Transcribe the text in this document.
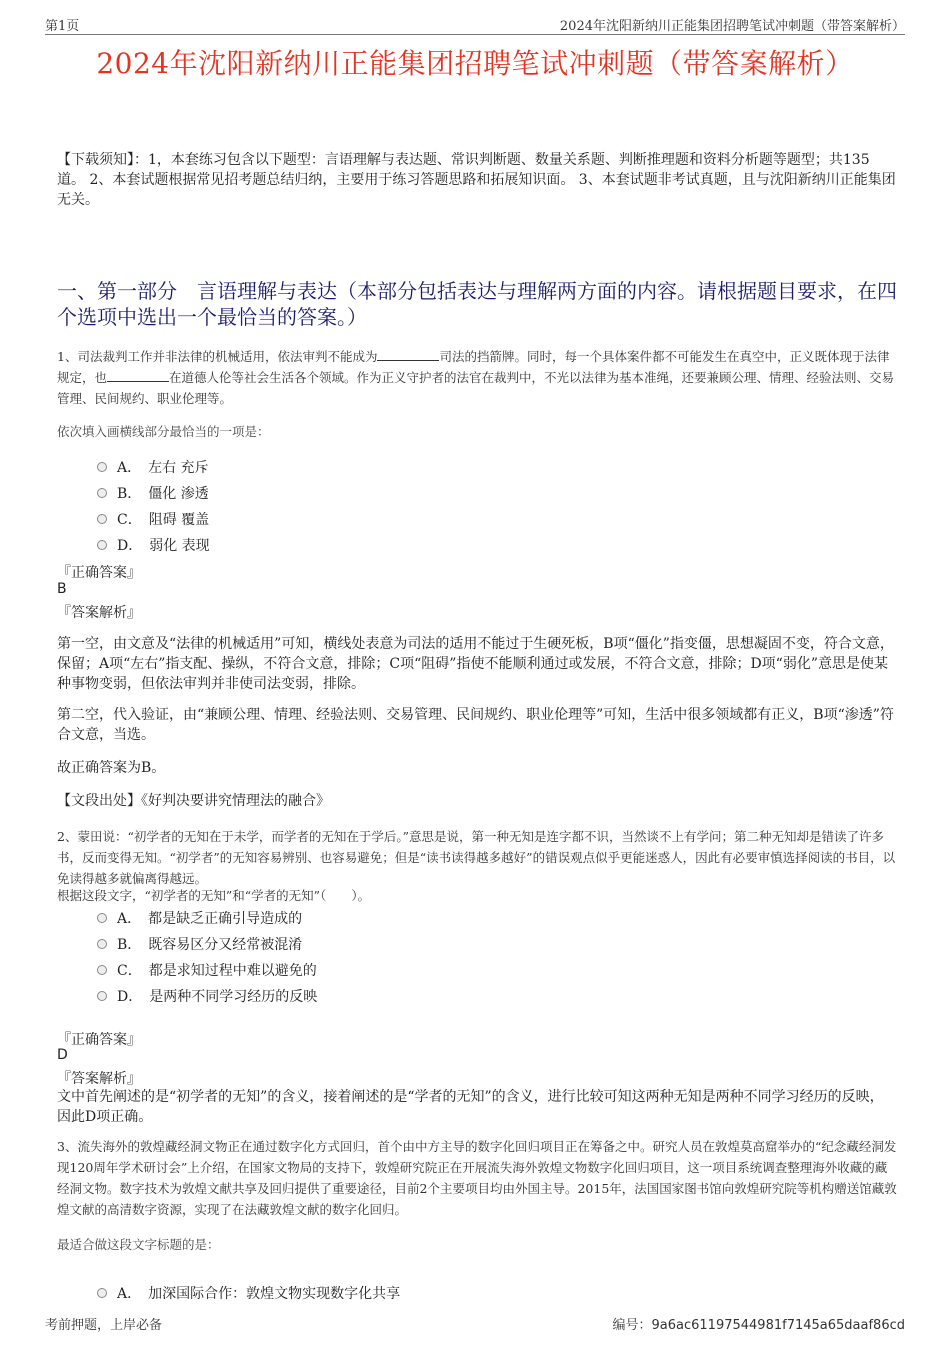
第1页	2024年沈阳新纳川正能集团招聘笔试冲刺题（带答案解析）
2024年沈阳新纳川正能集团招聘笔试冲刺题（带答案解析）
【下载须知】：1，本套练习包含以下题型：言语理解与表达题、常识判断题、数量关系题、判断推理题和资料分析题等题型；共135道。 2、本套试题根据常见招考题总结归纳，主要用于练习答题思路和拓展知识面。 3、本套试题非考试真题，且与沈阳新纳川正能集团无关。
一、第一部分　言语理解与表达（本部分包括表达与理解两方面的内容。请根据题目要求，在四个选项中选出一个最恰当的答案。）
1、司法裁判工作并非法律的机械适用，依法审判不能成为	司法的挡箭牌。同时，每一个具体案件都不可能发生在真空中，正义既体现于法律规定，也	在道德人伦等社会生活各个领域。作为正义守护者的法官在裁判中，不光以法律为基本准绳，还要兼顾公理、情理、经验法则、交易管理、民间规约、职业伦理等。
依次填入画横线部分最恰当的一项是：
A．　左右 充斥
B．　僵化 渗透
C．　阻碍 覆盖
D．　弱化 表现
『正确答案』
B
『答案解析』
第一空，由文意及“法律的机械适用”可知，横线处表意为司法的适用不能过于生硬死板，B项“僵化”指变僵，思想凝固不变，符合文意，保留；A项“左右”指支配、操纵，不符合文意，排除；C项“阻碍”指使不能顺利通过或发展，不符合文意，排除；D项“弱化”意思是使某种事物变弱，但依法审判并非使司法变弱，排除。
第二空，代入验证，由“兼顾公理、情理、经验法则、交易管理、民间规约、职业伦理等”可知，生活中很多领域都有正义，B项“渗透”符合文意，当选。
故正确答案为B。
【文段出处】《好判决要讲究情理法的融合》
2、蒙田说：“初学者的无知在于未学，而学者的无知在于学后。”意思是说，第一种无知是连字都不识，当然谈不上有学问；第二种无知却是错读了许多书，反而变得无知。“初学者”的无知容易辨别、也容易避免；但是“读书读得越多越好”的错误观点似乎更能迷惑人，因此有必要审慎选择阅读的书目，以免读得越多就偏离得越远。
根据这段文字，“初学者的无知”和“学者的无知”（　　）。
A．　都是缺乏正确引导造成的
B．　既容易区分又经常被混淆
C．　都是求知过程中难以避免的
D．　是两种不同学习经历的反映
『正确答案』
D
『答案解析』
文中首先阐述的是“初学者的无知”的含义，接着阐述的是“学者的无知”的含义，进行比较可知这两种无知是两种不同学习经历的反映，因此D项正确。
3、流失海外的敦煌藏经洞文物正在通过数字化方式回归，首个由中方主导的数字化回归项目正在筹备之中。研究人员在敦煌莫高窟举办的“纪念藏经洞发现120周年学术研讨会”上介绍，在国家文物局的支持下，敦煌研究院正在开展流失海外敦煌文物数字化回归项目，这一项目系统调查整理海外收藏的藏经洞文物。数字技术为敦煌文献共享及回归提供了重要途径，目前2个主要项目均由外国主导。2015年，法国国家图书馆向敦煌研究院等机构赠送馆藏敦煌文献的高清数字资源，实现了在法藏敦煌文献的数字化回归。
最适合做这段文字标题的是：
A．　加深国际合作：敦煌文物实现数字化共享
考前押题，上岸必备	编号：9a6ac61197544981f7145a65daaf86cd
